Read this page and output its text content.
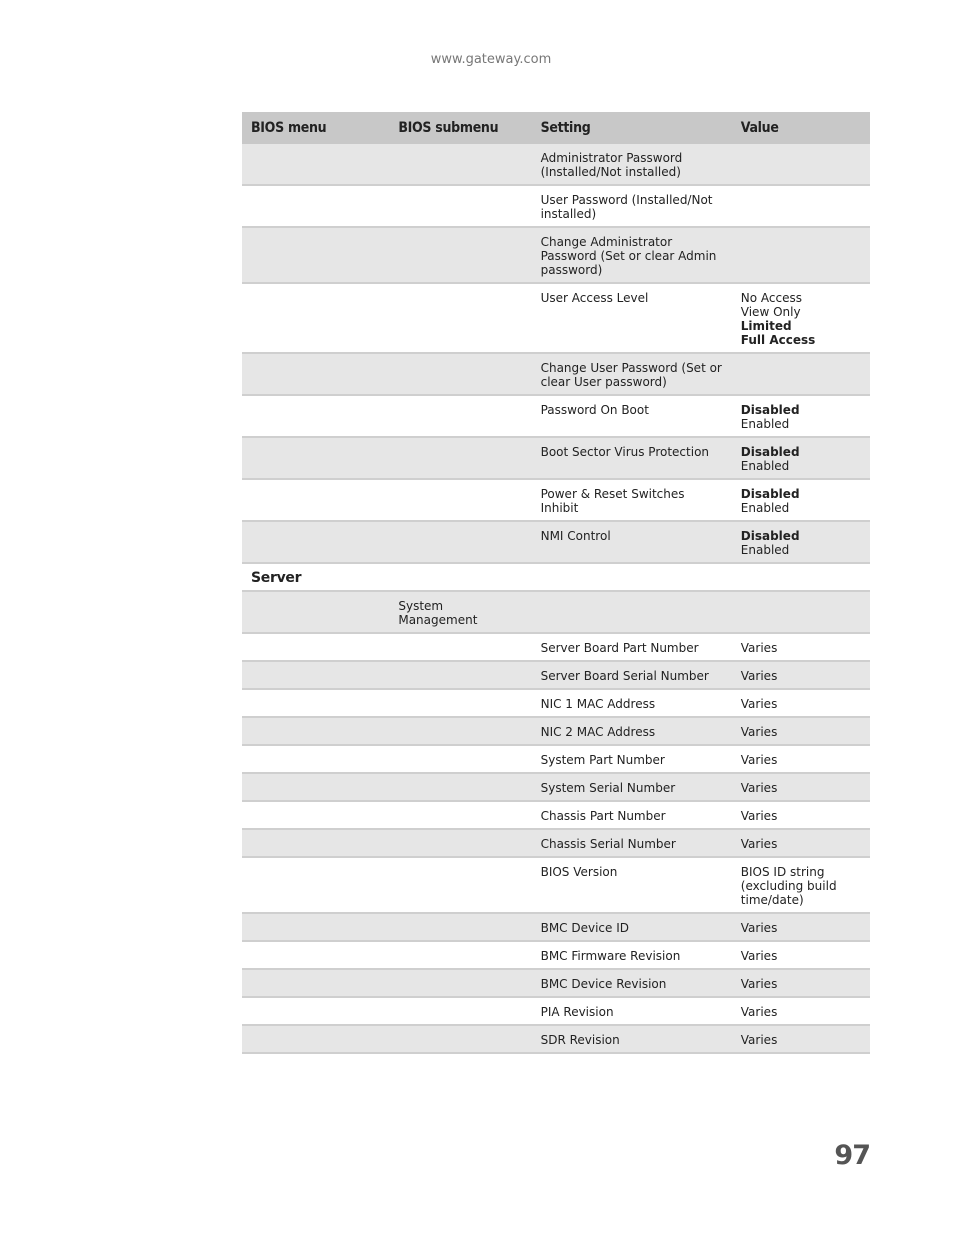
www.gateway.com
BIOS menu	BIOS submenu	Setting	Value
		Administrator Password (Installed/Not installed)	
		User Password (Installed/Not installed)	
		Change Administrator Password (Set or clear Admin password)	
		User Access Level	No Access
View Only
Limited
Full Access

		Change User Password (Set or clear User password)	
		Password On Boot	Disabled
Enabled

		Boot Sector Virus Protection	Disabled
Enabled

		Power & Reset Switches Inhibit	Disabled
Enabled

		NMI Control	Disabled
Enabled

Server			
	System Management		
		Server Board Part Number	Varies

		Server Board Serial Number	Varies

		NIC 1 MAC Address	Varies

		NIC 2 MAC Address	Varies

		System Part Number	Varies

		System Serial Number	Varies

		Chassis Part Number	Varies

		Chassis Serial Number	Varies

		BIOS Version	BIOS ID string (excluding build time/date)

		BMC Device ID	Varies

		BMC Firmware Revision	Varies

		BMC Device Revision	Varies

		PIA Revision	Varies

		SDR Revision	Varies
97
